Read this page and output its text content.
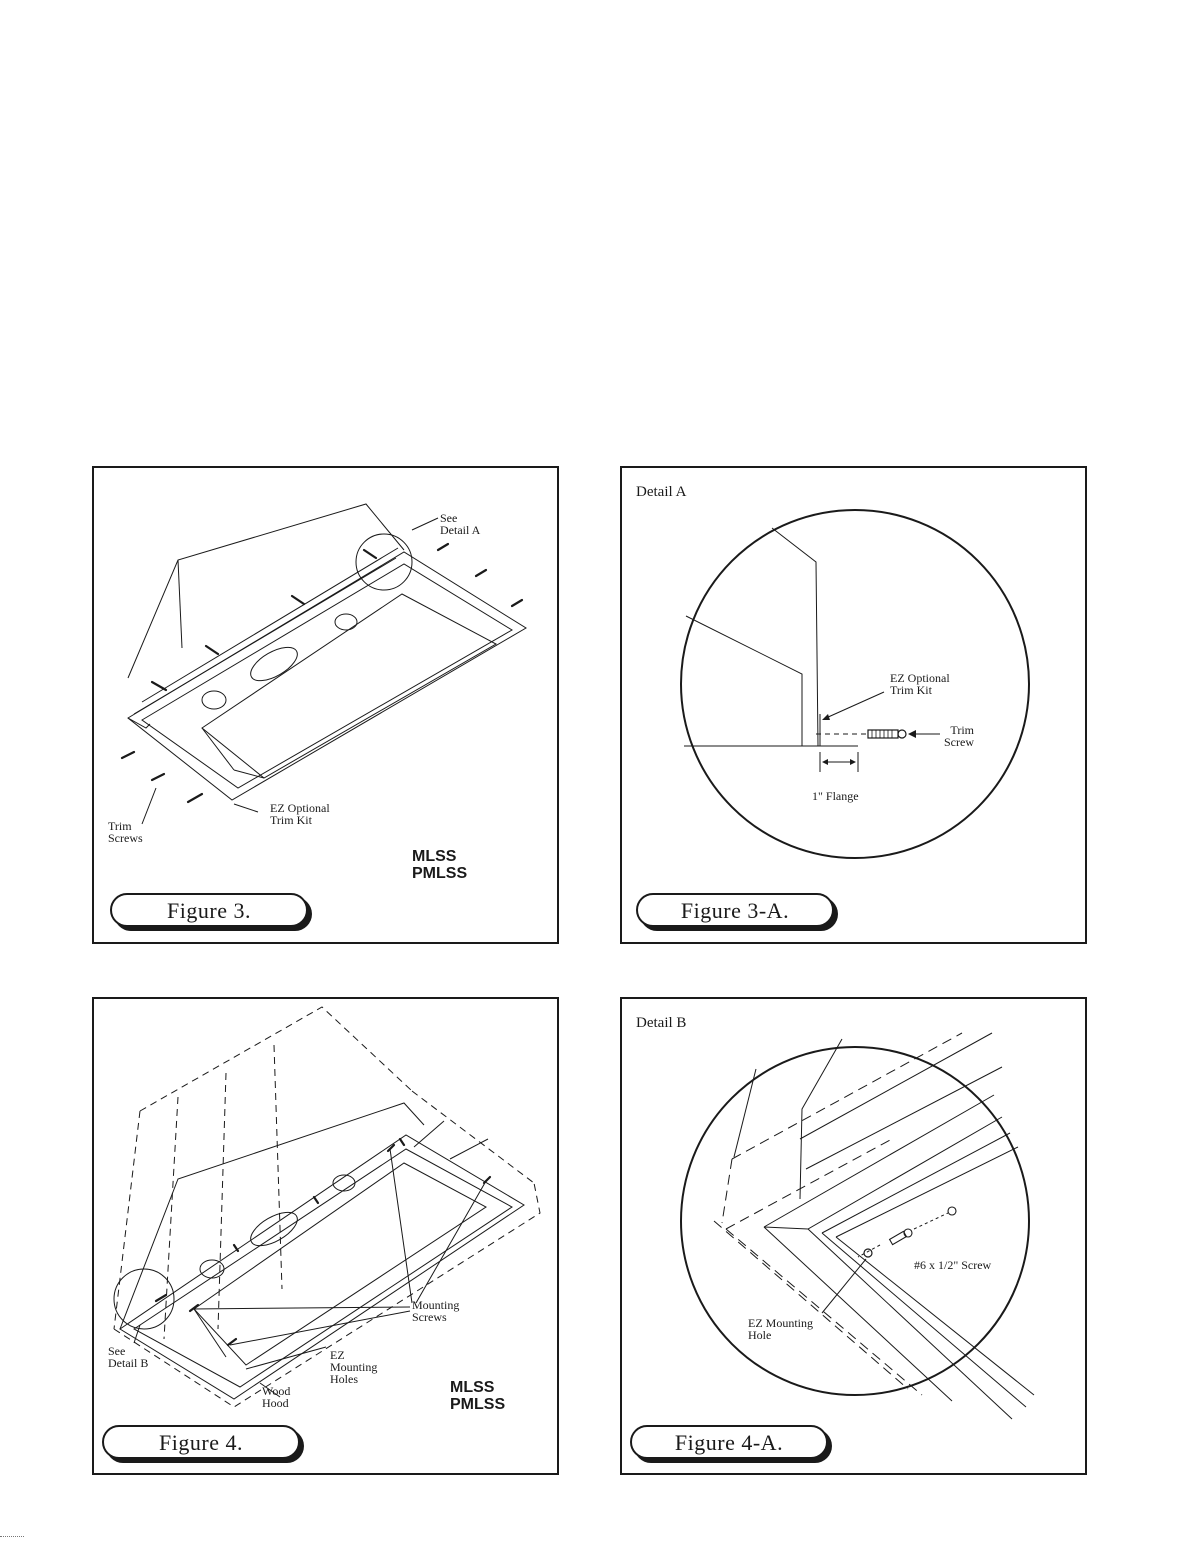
See
Detail A
Trim
Screws
EZ Optional
Trim Kit
MLSS
PMLSS
Figure 3.
Detail A
EZ Optional
Trim Kit
Trim
Screw
1" Flange
Figure 3-A.
Mounting
Screws
See
Detail B
EZ
Mounting
Holes
Wood
Hood
MLSS
PMLSS
Figure 4.
Detail B
#6 x 1/2" Screw
EZ Mounting
Hole
Figure 4-A.
